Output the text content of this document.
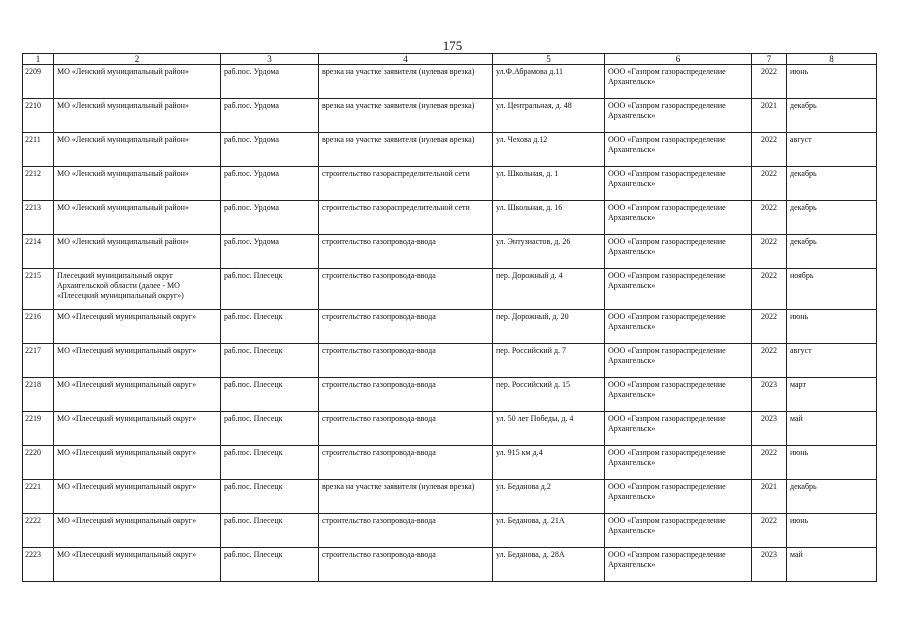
175
1	2	3	4	5	6	7	8
2209	МО «Ленский муниципальный район»	раб.пос. Урдома	врезка на участке заявителя (нулевая врезка)	ул.Ф.Абрамова д.11	ООО «Газпром газораспределение Архангельск»	2022	июнь
2210	МО «Ленский муниципальный район»	раб.пос. Урдома	врезка на участке заявителя (нулевая врезка)	ул. Центральная, д. 48	ООО «Газпром газораспределение Архангельск»	2021	декабрь
2211	МО «Ленский муниципальный район»	раб.пос. Урдома	врезка на участке заявителя (нулевая врезка)	ул. Чехова д.12	ООО «Газпром газораспределение Архангельск»	2022	август
2212	МО «Ленский муниципальный район»	раб.пос. Урдома	строительство газораспределительной сети	ул. Школьная, д. 1	ООО «Газпром газораспределение Архангельск»	2022	декабрь
2213	МО «Ленский муниципальный район»	раб.пос. Урдома	строительство газораспределительной сети	ул. Школьная, д. 16	ООО «Газпром газораспределение Архангельск»	2022	декабрь
2214	МО «Ленский муниципальный район»	раб.пос. Урдома	строительство газопровода-ввода	ул. Энтузиастов, д. 26	ООО «Газпром газораспределение Архангельск»	2022	декабрь
2215	Плесецкий муниципальный округ Архангельской области (далее - МО «Плесецкий муниципальный округ»)	раб.пос. Плесецк	строительство газопровода-ввода	пер. Дорожный д. 4	ООО «Газпром газораспределение Архангельск»	2022	ноябрь
2216	МО «Плесецкий муниципальный округ»	раб.пос. Плесецк	строительство газопровода-ввода	пер. Дорожный, д. 20	ООО «Газпром газораспределение Архангельск»	2022	июнь
2217	МО «Плесецкий муниципальный округ»	раб.пос. Плесецк	строительство газопровода-ввода	пер. Российский д. 7	ООО «Газпром газораспределение Архангельск»	2022	август
2218	МО «Плесецкий муниципальный округ»	раб.пос. Плесецк	строительство газопровода-ввода	пер. Российский д. 15	ООО «Газпром газораспределение Архангельск»	2023	март
2219	МО «Плесецкий муниципальный округ»	раб.пос. Плесецк	строительство газопровода-ввода	ул. 50 лет Победы, д. 4	ООО «Газпром газораспределение Архангельск»	2023	май
2220	МО «Плесецкий муниципальный округ»	раб.пос. Плесецк	строительство газопровода-ввода	ул. 915 км д.4	ООО «Газпром газораспределение Архангельск»	2022	июнь
2221	МО «Плесецкий муниципальный округ»	раб.пос. Плесецк	врезка на участке заявителя (нулевая врезка)	ул. Беданова д.2	ООО «Газпром газораспределение Архангельск»	2021	декабрь
2222	МО «Плесецкий муниципальный округ»	раб.пос. Плесецк	строительство газопровода-ввода	ул. Беданова, д. 21А	ООО «Газпром газораспределение Архангельск»	2022	июнь
2223	МО «Плесецкий муниципальный округ»	раб.пос. Плесецк	строительство газопровода-ввода	ул. Беданова, д. 28А	ООО «Газпром газораспределение Архангельск»	2023	май
